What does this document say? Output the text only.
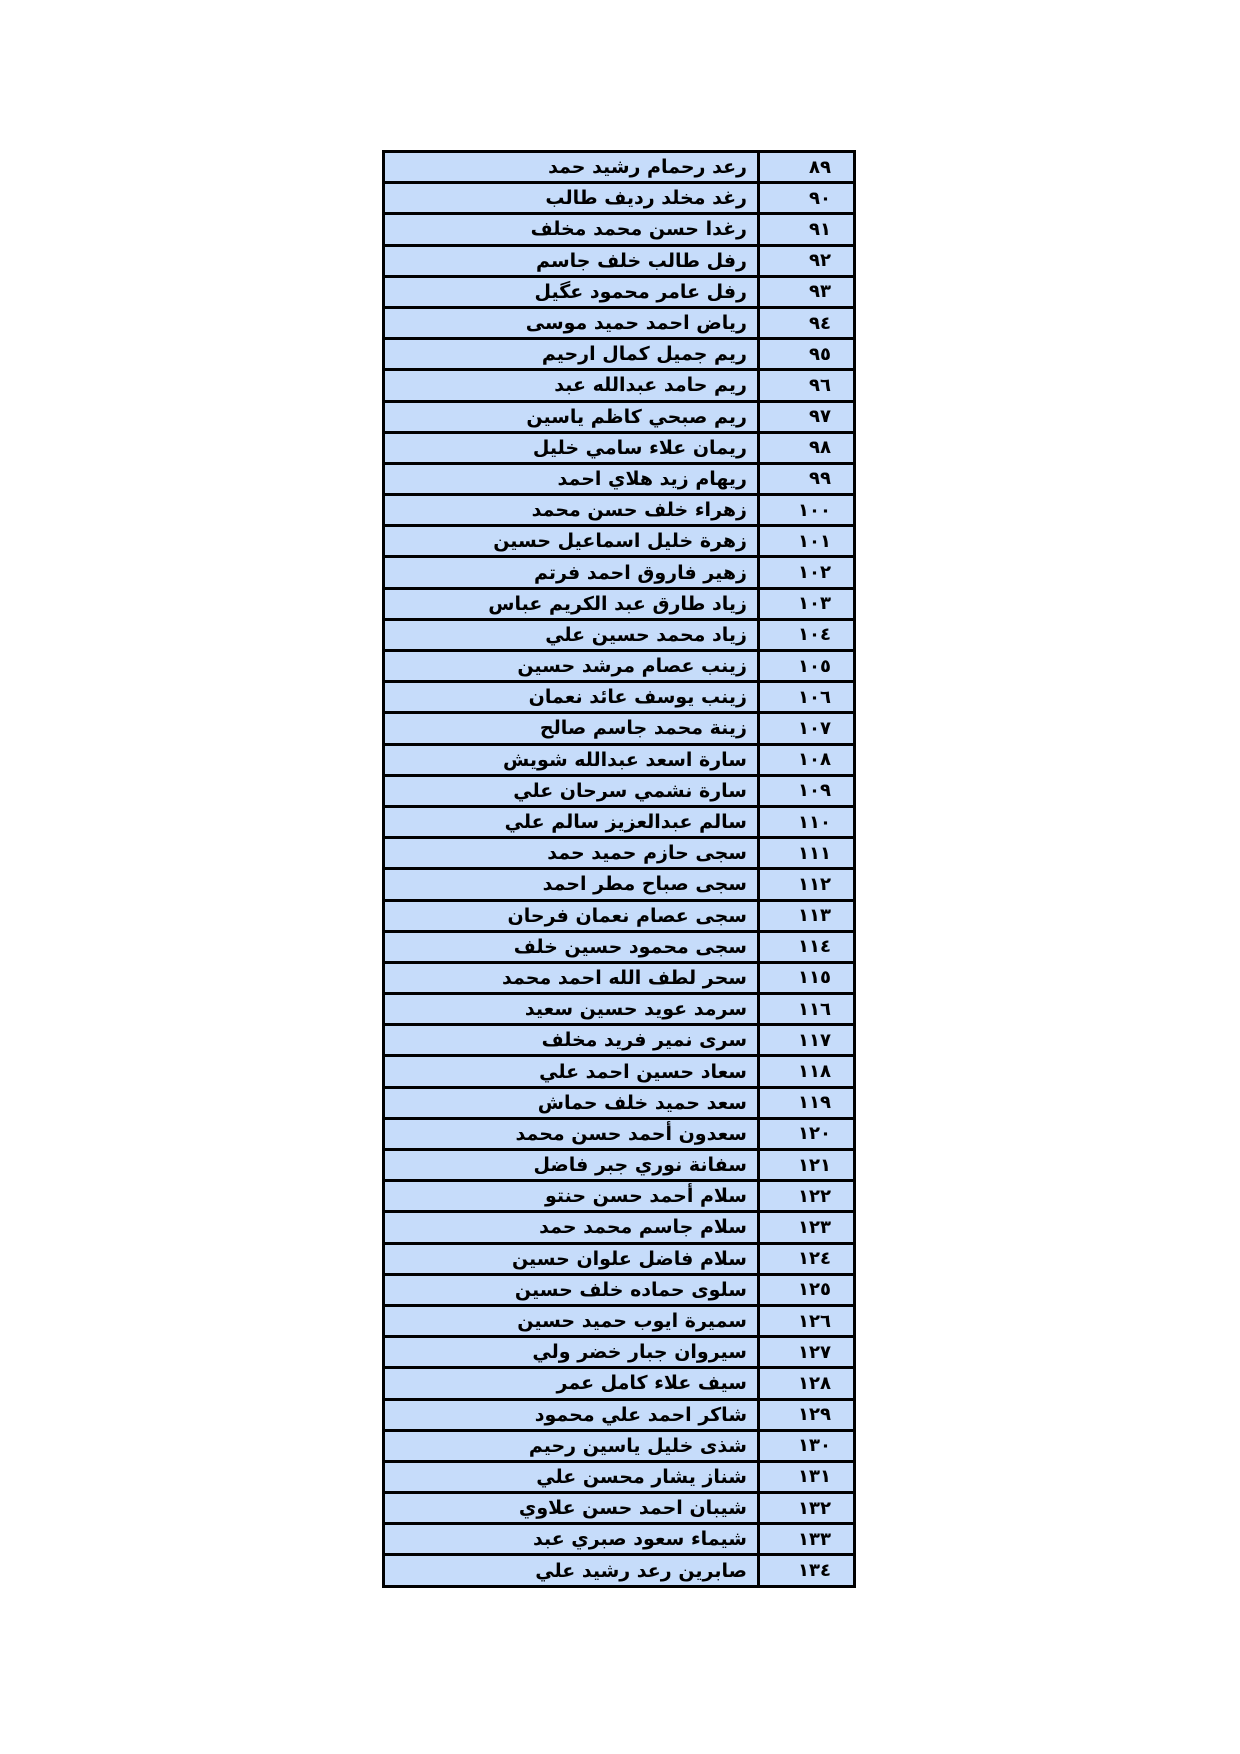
٨٩	رعد رحمام رشيد حمد
٩٠	رغد مخلد رديف طالب
٩١	رغدا حسن محمد مخلف
٩٢	رفل طالب خلف جاسم
٩٣	رفل عامر محمود عگيل
٩٤	رياض احمد حميد موسى
٩٥	ريم جميل كمال ارحيم
٩٦	ريم حامد عبدالله عبد
٩٧	ريم صبحي كاظم ياسين
٩٨	ريمان علاء سامي خليل
٩٩	ريهام زيد هلاي احمد
١٠٠	زهراء خلف حسن محمد
١٠١	زهرة خليل اسماعيل حسين
١٠٢	زهير فاروق احمد فرتم
١٠٣	زياد طارق عبد الكريم عباس
١٠٤	زياد محمد حسين علي
١٠٥	زينب عصام مرشد حسين
١٠٦	زينب يوسف عائد نعمان
١٠٧	زينة محمد جاسم صالح
١٠٨	سارة اسعد عبدالله شويش
١٠٩	سارة نشمي سرحان علي
١١٠	سالم عبدالعزيز سالم علي
١١١	سجى حازم حميد حمد
١١٢	سجى صباح مطر احمد
١١٣	سجى عصام نعمان فرحان
١١٤	سجى محمود حسين خلف
١١٥	سحر لطف الله احمد محمد
١١٦	سرمد عويد حسين سعيد
١١٧	سرى نمير فريد مخلف
١١٨	سعاد حسين احمد علي
١١٩	سعد حميد خلف حماش
١٢٠	سعدون أحمد حسن محمد
١٢١	سفانة نوري جبر فاضل
١٢٢	سلام أحمد حسن حنتو
١٢٣	سلام جاسم محمد حمد
١٢٤	سلام فاضل علوان حسين
١٢٥	سلوى حماده خلف حسين
١٢٦	سميرة ايوب حميد حسين
١٢٧	سيروان جبار خضر ولي
١٢٨	سيف علاء كامل عمر
١٢٩	شاكر احمد علي محمود
١٣٠	شذى خليل ياسين رحيم
١٣١	شناز يشار محسن علي
١٣٢	شيبان احمد حسن علاوي
١٣٣	شيماء سعود صبري عبد
١٣٤	صابرين رعد رشيد علي
